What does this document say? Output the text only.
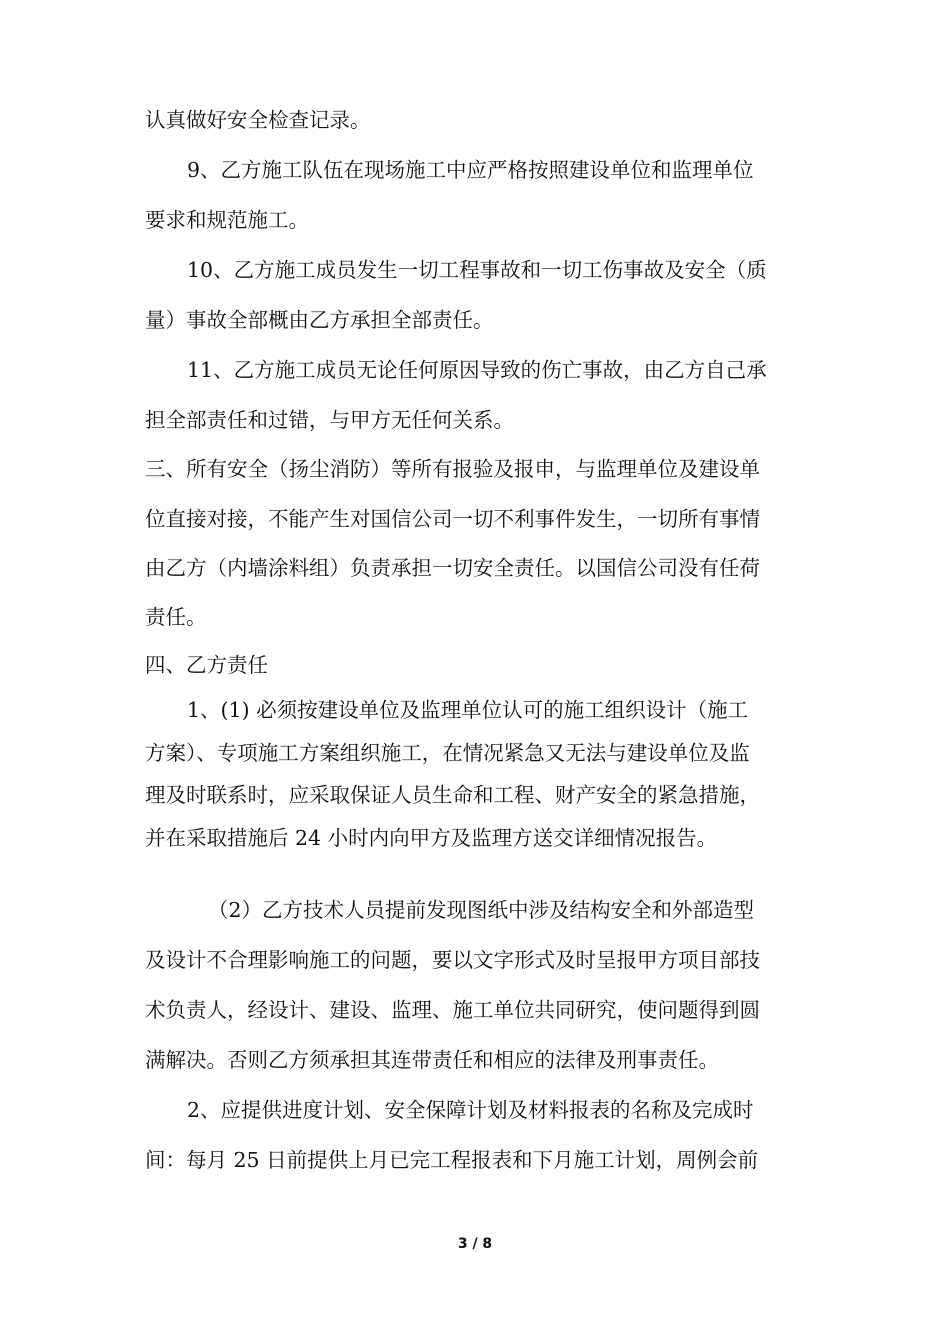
认真做好安全检查记录。

9、乙方施工队伍在现场施工中应严格按照建设单位和监理单位

要求和规范施工。

10、乙方施工成员发生一切工程事故和一切工伤事故及安全（质

量）事故全部概由乙方承担全部责任。

11、乙方施工成员无论任何原因导致的伤亡事故，由乙方自己承

担全部责任和过错，与甲方无任何关系。

三、所有安全（扬尘消防）等所有报验及报申，与监理单位及建设单

位直接对接，不能产生对国信公司一切不利事件发生，一切所有事情

由乙方（内墙涂料组）负责承担一切安全责任。以国信公司没有任荷

责任。

四、乙方责任

1、(1) 必须按建设单位及监理单位认可的施工组织设计（施工

方案）、专项施工方案组织施工，在情况紧急又无法与建设单位及监

理及时联系时，应采取保证人员生命和工程、财产安全的紧急措施，

并在采取措施后 24 小时内向甲方及监理方送交详细情况报告。

（2）乙方技术人员提前发现图纸中涉及结构安全和外部造型

及设计不合理影响施工的问题，要以文字形式及时呈报甲方项目部技

术负责人，经设计、建设、监理、施工单位共同研究，使问题得到圆

满解决。否则乙方须承担其连带责任和相应的法律及刑事责任。

2、应提供进度计划、安全保障计划及材料报表的名称及完成时

间：每月 25 日前提供上月已完工程报表和下月施工计划，周例会前

3 / 8
